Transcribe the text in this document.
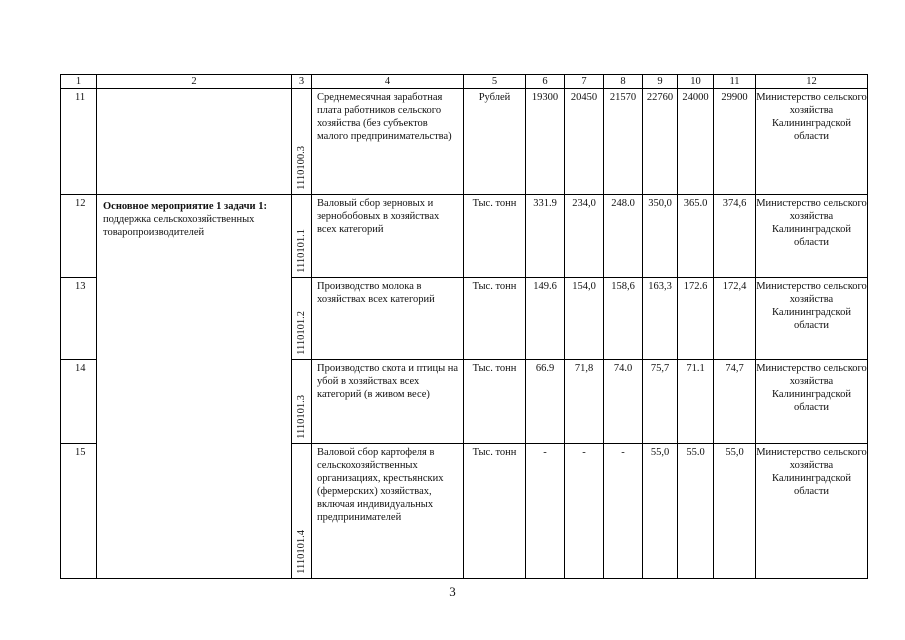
1	2	3	4	5	6	7	8	9	10	11	12
11		1110100.3	Среднемесячная заработная плата работников сельского хозяйства (без субъектов малого предпринимательства)	Рублей	19300	20450	21570	22760	24000	29900	Министерство сельского хозяйства Калининградской области
12	Основное мероприятие 1 задачи 1: поддержка сельскохозяйственных товаропроизводителей	1110101.1	Валовый сбор зерновых и зернобобовых в хозяйствах всех категорий	Тыс. тонн	331.9	234,0	248.0	350,0	365.0	374,6	Министерство сельского хозяйства Калининградской области
13		1110101.2	Производство молока в хозяйствах всех категорий	Тыс. тонн	149.6	154,0	158,6	163,3	172.6	172,4	Министерство сельского хозяйства Калининградской области
14		1110101.3	Производство скота и птицы на убой в хозяйствах всех категорий (в живом весе)	Тыс. тонн	66.9	71,8	74.0	75,7	71.1	74,7	Министерство сельского хозяйства Калининградской области
15		1110101.4	Валовой сбор картофеля в сельскохозяйственных организациях, крестьянских (фермерских) хозяйствах, включая индивидуальных предпринимателей	Тыс. тонн	-	-	-	55,0	55.0	55,0	Министерство сельского хозяйства Калининградской области
3
